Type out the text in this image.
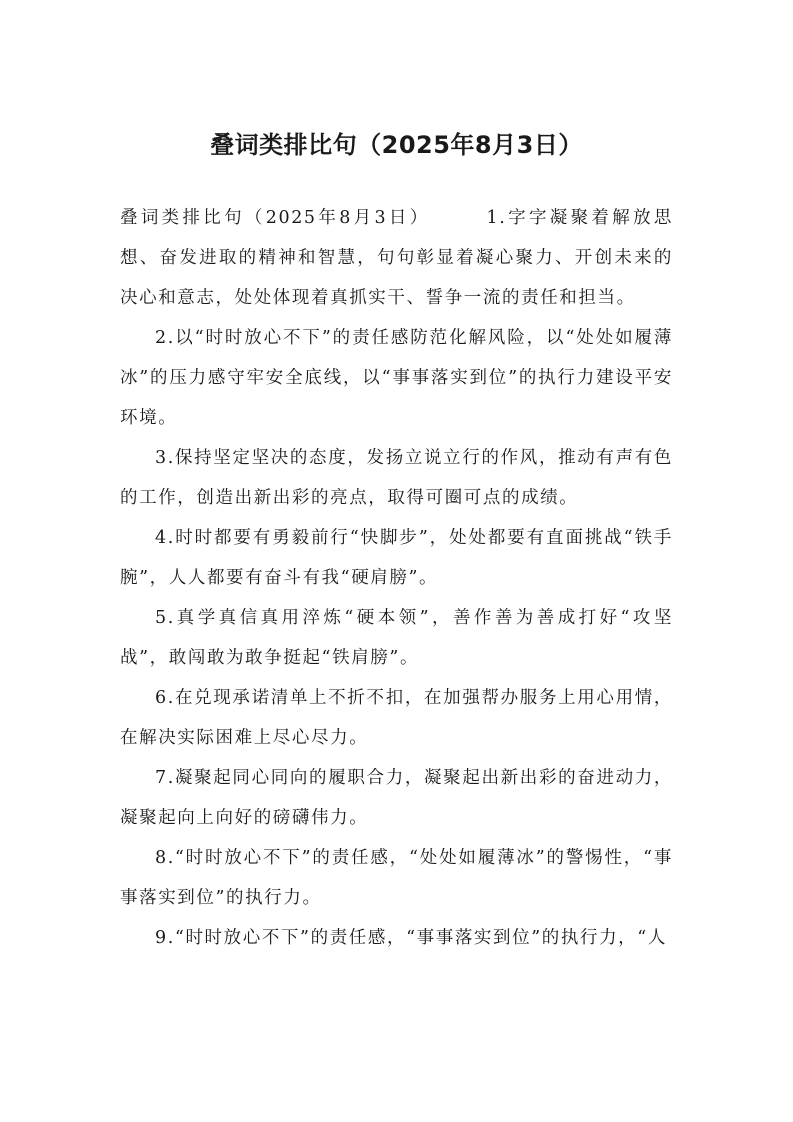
叠词类排比句（2025年8月3日）

叠词类排比句（2025年8月3日）	1.字字凝聚着解放思想、奋发进取的精神和智慧，句句彰显着凝心聚力、开创未来的决心和意志，处处体现着真抓实干、誓争一流的责任和担当。

2.以“时时放心不下”的责任感防范化解风险，以“处处如履薄冰”的压力感守牢安全底线，以“事事落实到位”的执行力建设平安环境。

3.保持坚定坚决的态度，发扬立说立行的作风，推动有声有色的工作，创造出新出彩的亮点，取得可圈可点的成绩。

4.时时都要有勇毅前行“快脚步”，处处都要有直面挑战“铁手腕”，人人都要有奋斗有我“硬肩膀”。

5.真学真信真用淬炼“硬本领”，善作善为善成打好“攻坚战”，敢闯敢为敢争挺起“铁肩膀”。

6.在兑现承诺清单上不折不扣，在加强帮办服务上用心用情，在解决实际困难上尽心尽力。

7.凝聚起同心同向的履职合力，凝聚起出新出彩的奋进动力，凝聚起向上向好的磅礴伟力。

8.“时时放心不下”的责任感，“处处如履薄冰”的警惕性，“事事落实到位”的执行力。

9.“时时放心不下”的责任感，“事事落实到位”的执行力，“人
